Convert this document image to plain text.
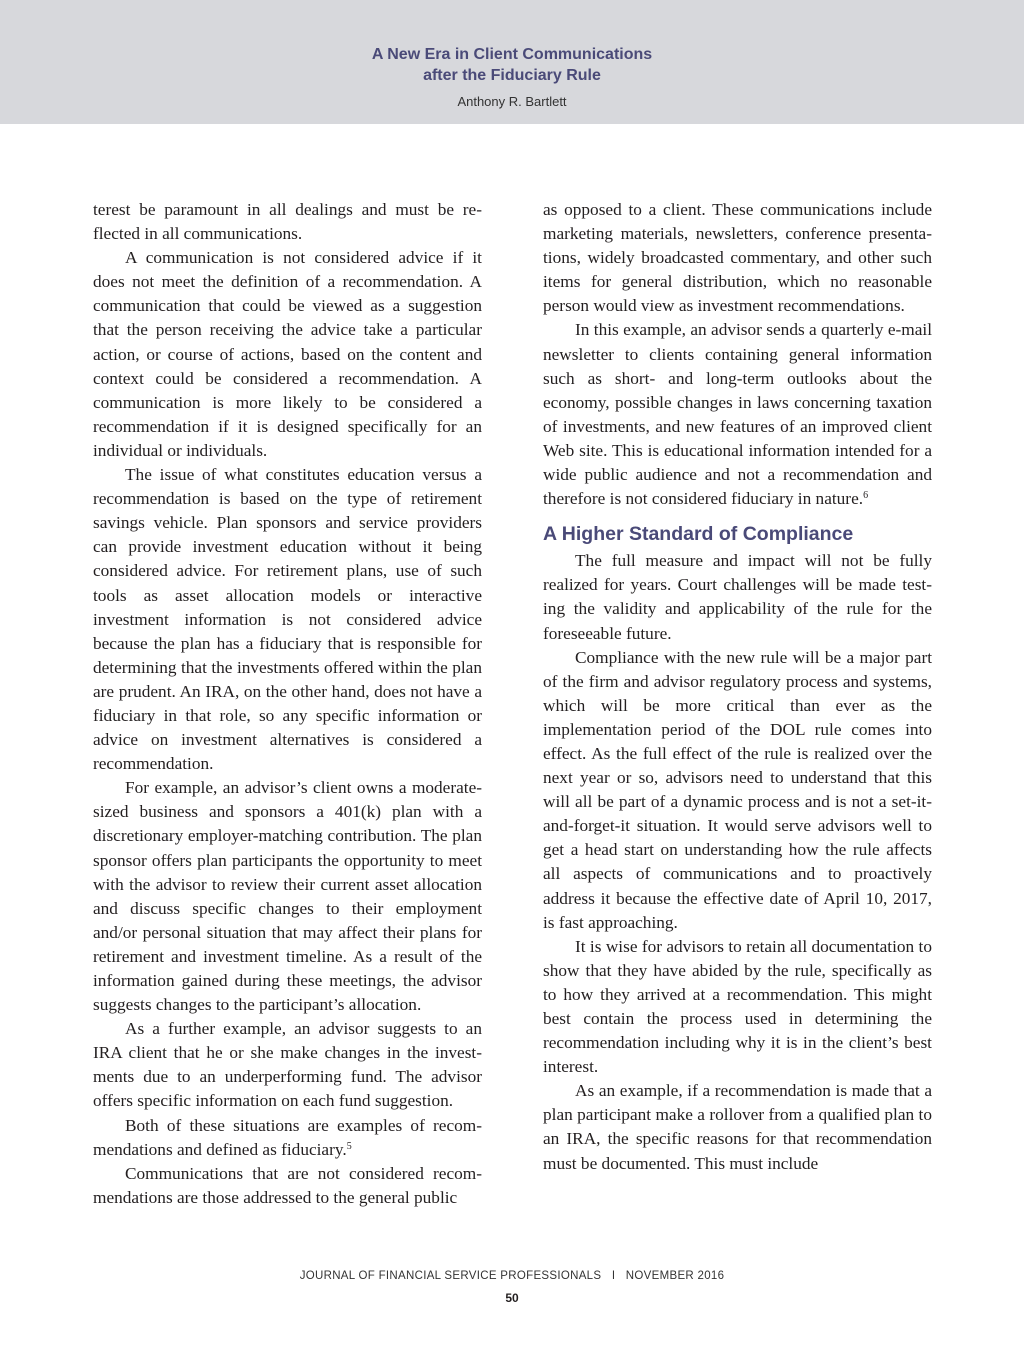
A New Era in Client Communications
after the Fiduciary Rule
Anthony R. Bartlett

terest be paramount in all dealings and must be reflected in all communications.

A communication is not considered advice if it does not meet the definition of a recommendation. A communication that could be viewed as a suggestion that the person receiving the advice take a particular action, or course of actions, based on the content and context could be considered a recommendation. A communication is more likely to be considered a recommendation if it is designed specifically for an individual or individuals.

The issue of what constitutes education versus a recommendation is based on the type of retirement savings vehicle. Plan sponsors and service providers can provide investment education without it being considered advice. For retirement plans, use of such tools as asset allocation models or interactive investment information is not considered advice because the plan has a fiduciary that is responsible for determining that the investments offered within the plan are prudent. An IRA, on the other hand, does not have a fiduciary in that role, so any specific information or advice on investment alternatives is considered a recommendation.

For example, an advisor’s client owns a moderate-sized business and sponsors a 401(k) plan with a discretionary employer-matching contribution. The plan sponsor offers plan participants the opportunity to meet with the advisor to review their current asset allocation and discuss specific changes to their employment and/or personal situation that may affect their plans for retirement and investment timeline. As a result of the information gained during these meetings, the advisor suggests changes to the participant’s allocation.

As a further example, an advisor suggests to an IRA client that he or she make changes in the investments due to an underperforming fund. The advisor offers specific information on each fund suggestion.

Both of these situations are examples of recommendations and defined as fiduciary.$^5$

Communications that are not considered recommendations are those addressed to the general public

as opposed to a client. These communications include marketing materials, newsletters, conference presentations, widely broadcasted commentary, and other such items for general distribution, which no reasonable person would view as investment recommendations.

In this example, an advisor sends a quarterly e-mail newsletter to clients containing general information such as short- and long-term outlooks about the economy, possible changes in laws concerning taxation of investments, and new features of an improved client Web site. This is educational information intended for a wide public audience and not a recommendation and therefore is not considered fiduciary in nature.$^6$

A Higher Standard of Compliance

The full measure and impact will not be fully realized for years. Court challenges will be made testing the validity and applicability of the rule for the foreseeable future.

Compliance with the new rule will be a major part of the firm and advisor regulatory process and systems, which will be more critical than ever as the implementation period of the DOL rule comes into effect. As the full effect of the rule is realized over the next year or so, advisors need to understand that this will all be part of a dynamic process and is not a set-it-and-forget-it situation. It would serve advisors well to get a head start on understanding how the rule affects all aspects of communications and to proactively address it because the effective date of April 10, 2017, is fast approaching.

It is wise for advisors to retain all documentation to show that they have abided by the rule, specifically as to how they arrived at a recommendation. This might best contain the process used in determining the recommendation including why it is in the client’s best interest.

As an example, if a recommendation is made that a plan participant make a rollover from a qualified plan to an IRA, the specific reasons for that recommendation must be documented. This must include

JOURNAL OF FINANCIAL SERVICE PROFESSIONALS   I   NOVEMBER 2016
50
